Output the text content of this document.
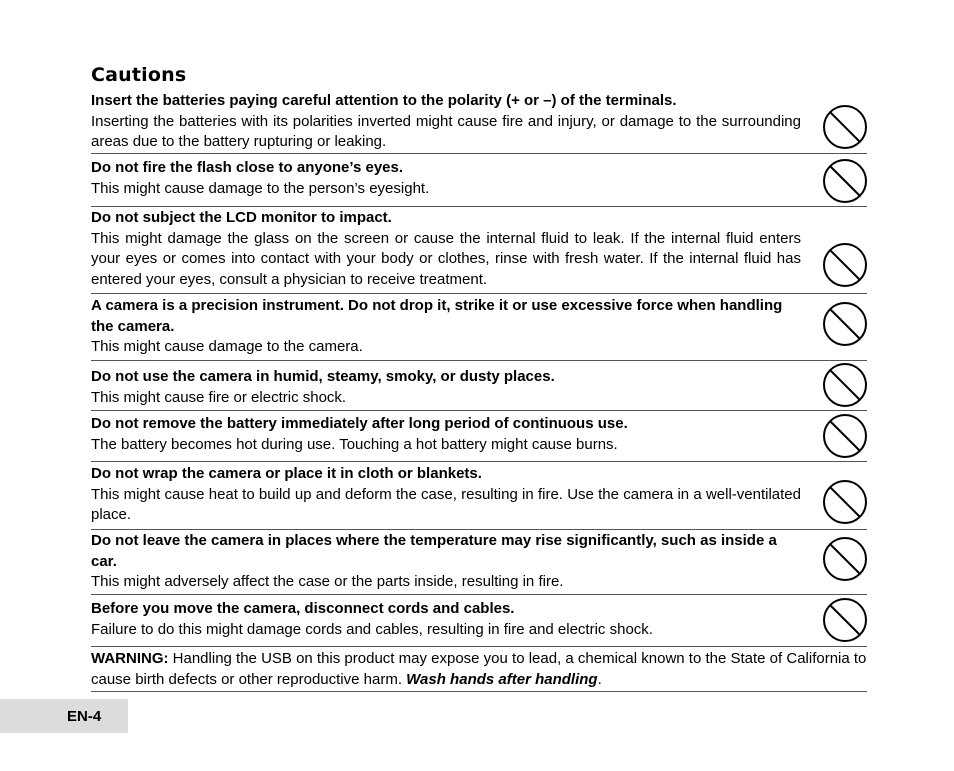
Cautions
Insert the batteries paying careful attention to the polarity (+ or –) of the terminals.
Inserting the batteries with its polarities inverted might cause fire and injury, or damage to the surrounding areas due to the battery rupturing or leaking.
Do not fire the flash close to anyone’s eyes.
This might cause damage to the person’s eyesight.
Do not subject the LCD monitor to impact.
This might damage the glass on the screen or cause the internal fluid to leak. If the internal fluid enters your eyes or comes into contact with your body or clothes, rinse with fresh water. If the internal fluid has entered your eyes, consult a physician to receive treatment.
A camera is a precision instrument. Do not drop it, strike it or use excessive force when handling the camera.
This might cause damage to the camera.
Do not use the camera in humid, steamy, smoky, or dusty places.
This might cause fire or electric shock.
Do not remove the battery immediately after long period of continuous use.
The battery becomes hot during use. Touching a hot battery might cause burns.
Do not wrap the camera or place it in cloth or blankets.
This might cause heat to build up and deform the case, resulting in fire. Use the camera in a well-ventilated place.
Do not leave the camera in places where the temperature may rise significantly, such as inside a car.
This might adversely affect the case or the parts inside, resulting in fire.
Before you move the camera, disconnect cords and cables.
Failure to do this might damage cords and cables, resulting in fire and electric shock.
WARNING: Handling the USB on this product may expose you to lead, a chemical known to the State of California to cause birth defects or other reproductive harm. Wash hands after handling.
EN-4
